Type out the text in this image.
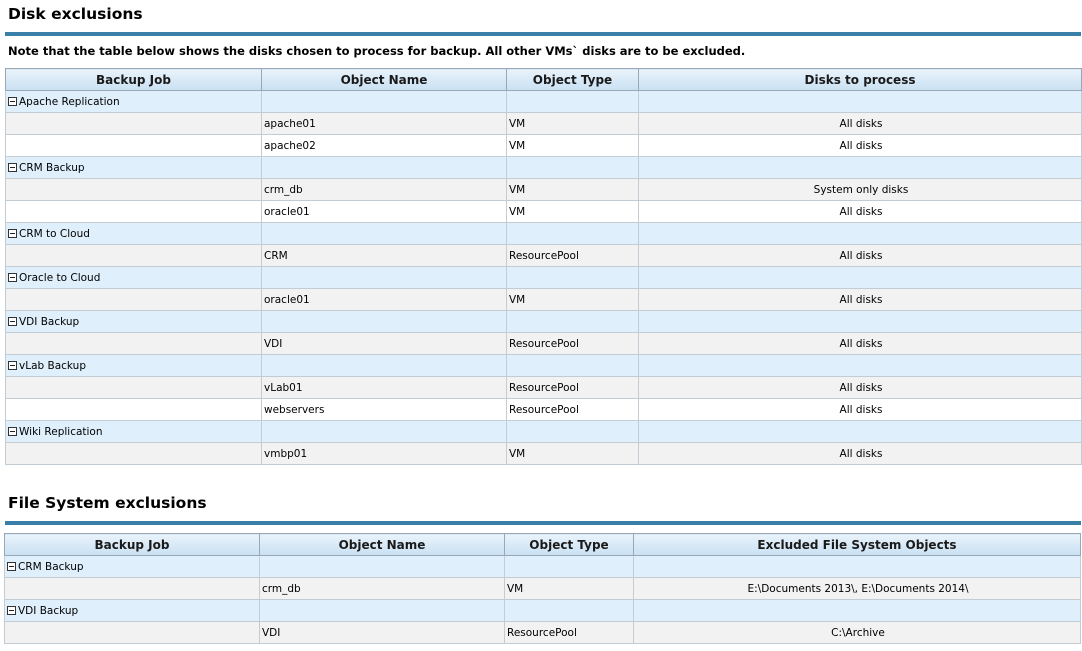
Disk exclusions
Note that the table below shows the disks chosen to process for backup. All other VMs` disks are to be excluded.
Backup Job	Object Name	Object Type	Disks to process
Apache Replication			
	apache01	VM	All disks
	apache02	VM	All disks
CRM Backup			
	crm_db	VM	System only disks
	oracle01	VM	All disks
CRM to Cloud			
	CRM	ResourcePool	All disks
Oracle to Cloud			
	oracle01	VM	All disks
VDI Backup			
	VDI	ResourcePool	All disks
vLab Backup			
	vLab01	ResourcePool	All disks
	webservers	ResourcePool	All disks
Wiki Replication			
	vmbp01	VM	All disks
File System exclusions
Backup Job	Object Name	Object Type	Excluded File System Objects
CRM Backup			
	crm_db	VM	E:\Documents 2013\, E:\Documents 2014\
VDI Backup			
	VDI	ResourcePool	C:\Archive
